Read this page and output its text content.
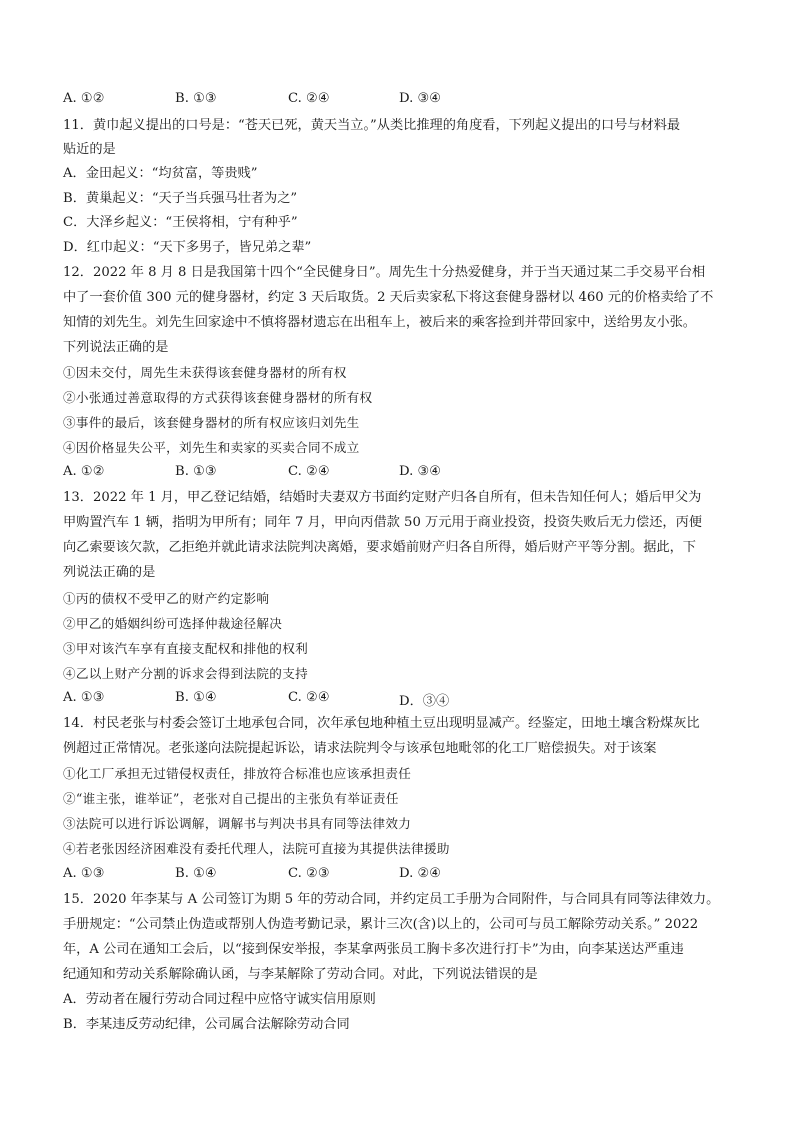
A. ①②	B. ①③	C. ②④	D. ③④
11．黄巾起义提出的口号是：“苍天已死，黄天当立。”从类比推理的角度看，下列起义提出的口号与材料最
贴近的是
A．金田起义：“均贫富，等贵贱”
B．黄巢起义：“天子当兵强马壮者为之”
C．大泽乡起义：“王侯将相，宁有种乎”
D．红巾起义：“天下多男子，皆兄弟之辈”
12．2022 年 8 月 8 日是我国第十四个“全民健身日”。周先生十分热爱健身，并于当天通过某二手交易平台相
中了一套价值 300 元的健身器材，约定 3 天后取货。2 天后卖家私下将这套健身器材以 460 元的价格卖给了不
知情的刘先生。刘先生回家途中不慎将器材遗忘在出租车上，被后来的乘客捡到并带回家中，送给男友小张。
下列说法正确的是
①因未交付，周先生未获得该套健身器材的所有权
②小张通过善意取得的方式获得该套健身器材的所有权
③事件的最后，该套健身器材的所有权应该归刘先生
④因价格显失公平，刘先生和卖家的买卖合同不成立
A. ①②	B. ①③	C. ②④	D. ③④
13．2022 年 1 月，甲乙登记结婚，结婚时夫妻双方书面约定财产归各自所有，但未告知任何人；婚后甲父为
甲购置汽车 1 辆，指明为甲所有；同年 7 月，甲向丙借款 50 万元用于商业投资，投资失败后无力偿还，丙便
向乙索要该欠款，乙拒绝并就此请求法院判决离婚，要求婚前财产归各自所得，婚后财产平等分割。据此，下
列说法正确的是
①丙的债权不受甲乙的财产约定影响
②甲乙的婚姻纠纷可选择仲裁途径解决
③甲对该汽车享有直接支配权和排他的权利
④乙以上财产分割的诉求会得到法院的支持
A. ①③	B. ①④	C. ②④	D．③④
14．村民老张与村委会签订土地承包合同，次年承包地种植土豆出现明显减产。经鉴定，田地土壤含粉煤灰比
例超过正常情况。老张遂向法院提起诉讼，请求法院判令与该承包地毗邻的化工厂赔偿损失。对于该案
①化工厂承担无过错侵权责任，排放符合标准也应该承担责任
②“谁主张，谁举证”，老张对自己提出的主张负有举证责任
③法院可以进行诉讼调解，调解书与判决书具有同等法律效力
④若老张因经济困难没有委托代理人，法院可直接为其提供法律援助
A. ①③	B. ①④	C. ②③	D. ②④
15．2020 年李某与 A 公司签订为期 5 年的劳动合同，并约定员工手册为合同附件，与合同具有同等法律效力。
手册规定：“公司禁止伪造或帮别人伪造考勤记录，累计三次(含)以上的，公司可与员工解除劳动关系。” 2022
年，A 公司在通知工会后，以“接到保安举报，李某拿两张员工胸卡多次进行打卡”为由，向李某送达严重违
纪通知和劳动关系解除确认函，与李某解除了劳动合同。对此，下列说法错误的是
A．劳动者在履行劳动合同过程中应恪守诚实信用原则
B．李某违反劳动纪律，公司属合法解除劳动合同
